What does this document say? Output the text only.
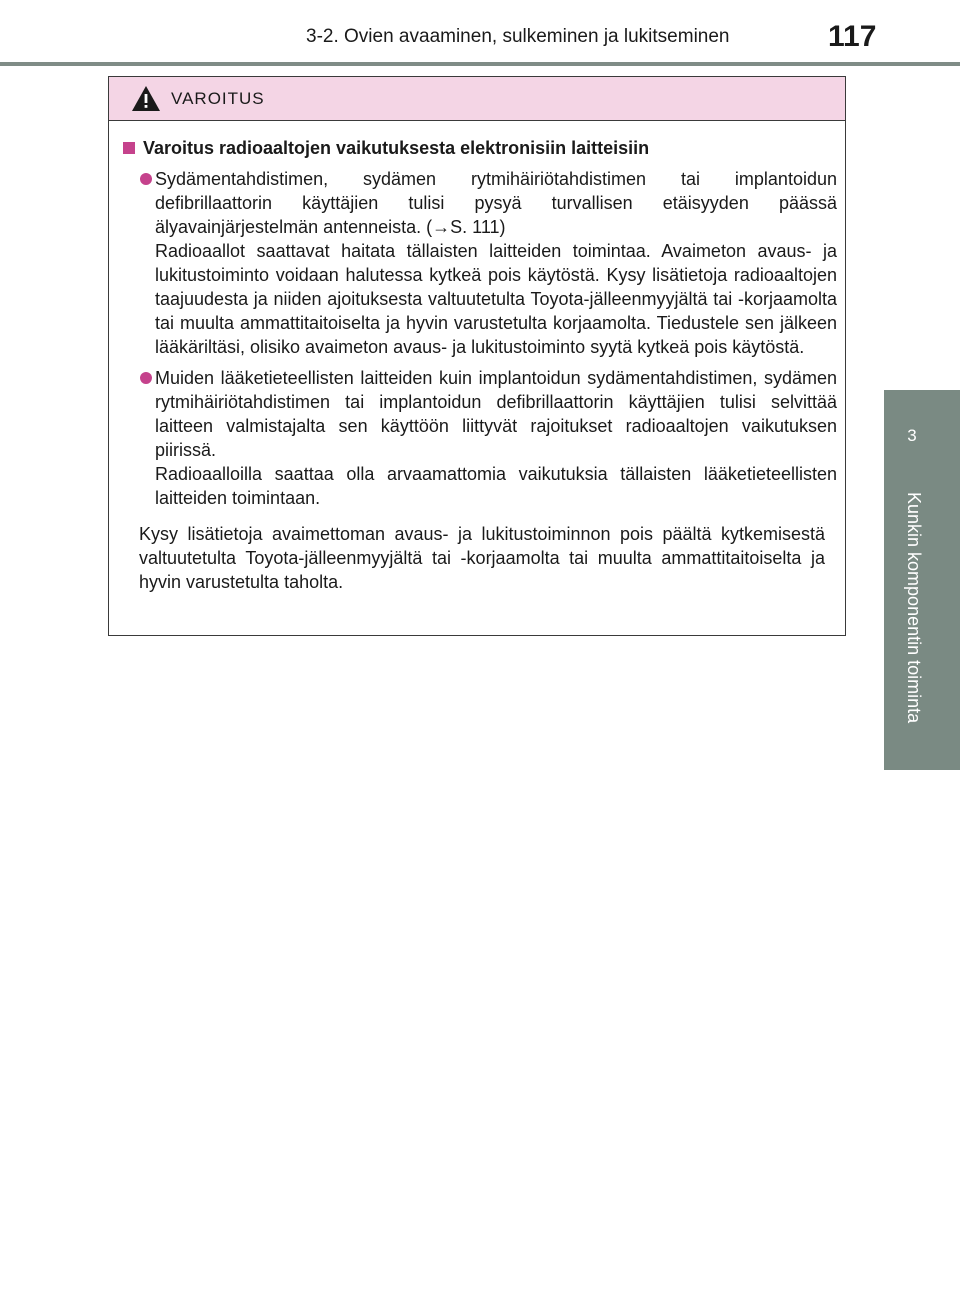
3-2. Ovien avaaminen, sulkeminen ja lukitseminen	117
3
Kunkin komponentin toiminta
VAROITUS
Varoitus radioaaltojen vaikutuksesta elektronisiin laitteisiin

Sydämentahdistimen, sydämen rytmihäiriötahdistimen tai implantoidun defibrillaattorin käyttäjien tulisi pysyä turvallisen etäisyyden päässä älyavainjärjestelmän antenneista. (→S. 111)

Radioaallot saattavat haitata tällaisten laitteiden toimintaa. Avaimeton avaus- ja lukitustoiminto voidaan halutessa kytkeä pois käytöstä. Kysy lisätietoja radioaaltojen taajuudesta ja niiden ajoituksesta valtuutetulta Toyota-jälleenmyyjältä tai -korjaamolta tai muulta ammattitaitoiselta ja hyvin varustetulta korjaamolta. Tiedustele sen jälkeen lääkäriltäsi, olisiko avaimeton avaus- ja lukitustoiminto syytä kytkeä pois käytöstä.

Muiden lääketieteellisten laitteiden kuin implantoidun sydämentahdistimen, sydämen rytmihäiriötahdistimen tai implantoidun defibrillaattorin käyttäjien tulisi selvittää laitteen valmistajalta sen käyttöön liittyvät rajoitukset radioaaltojen vaikutuksen piirissä.

Radioaalloilla saattaa olla arvaamattomia vaikutuksia tällaisten lääketieteellisten laitteiden toimintaan.

Kysy lisätietoja avaimettoman avaus- ja lukitustoiminnon pois päältä kytkemisestä valtuutetulta Toyota-jälleenmyyjältä tai -korjaamolta tai muulta ammattitaitoiselta ja hyvin varustetulta taholta.
